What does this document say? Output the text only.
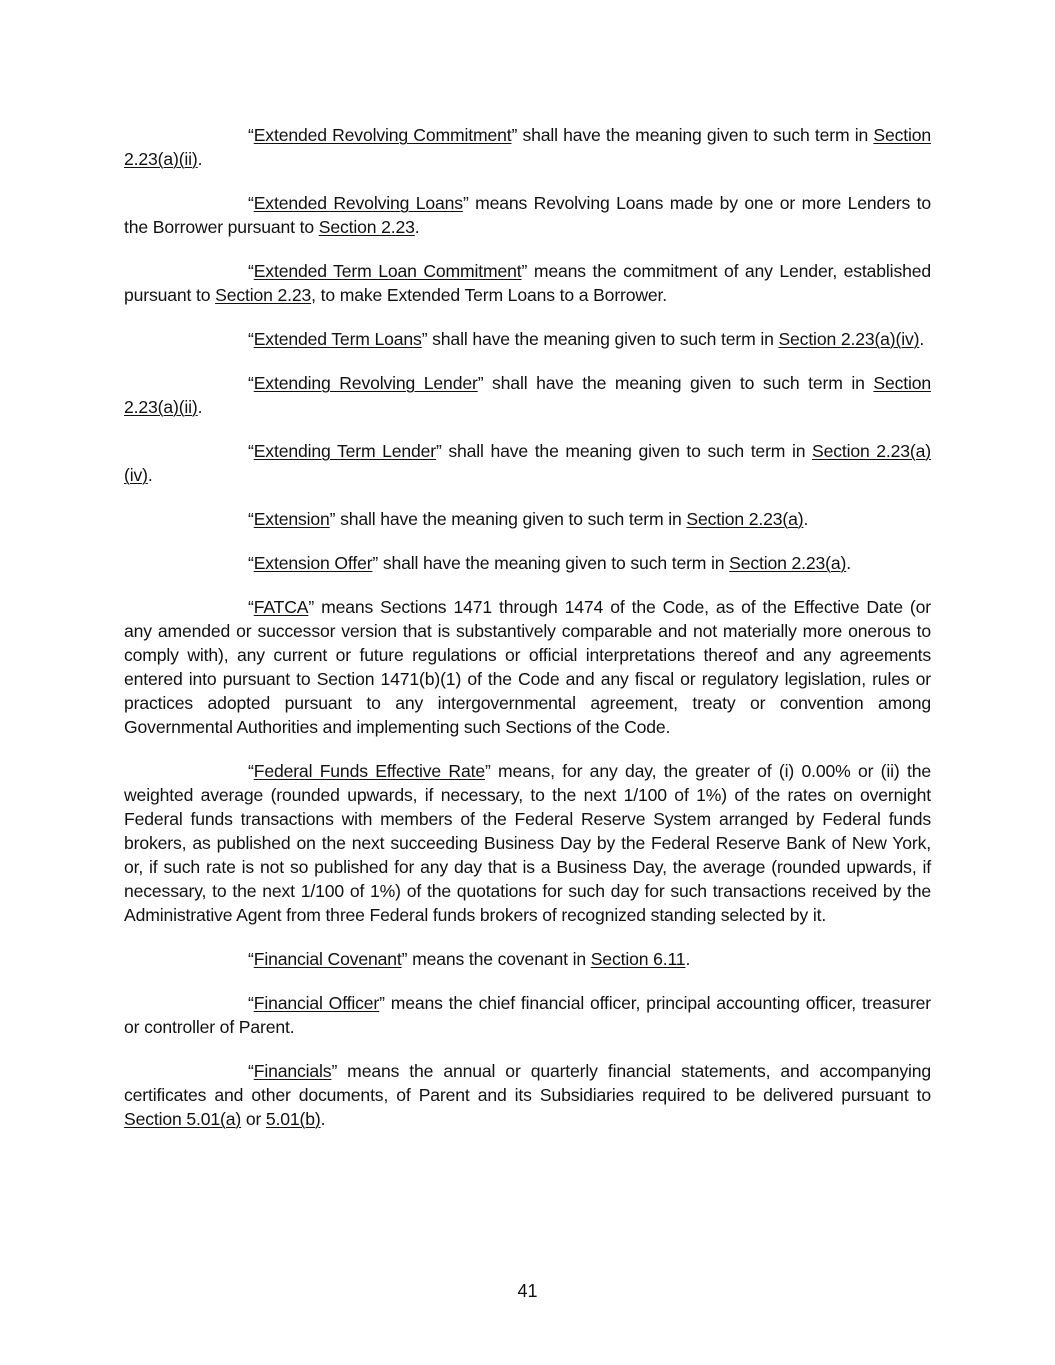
“Extended Revolving Commitment” shall have the meaning given to such term in Section 2.23(a)(ii).

“Extended Revolving Loans” means Revolving Loans made by one or more Lenders to the Borrower pursuant to Section 2.23.

“Extended Term Loan Commitment” means the commitment of any Lender, established pursuant to Section 2.23, to make Extended Term Loans to a Borrower.

“Extended Term Loans” shall have the meaning given to such term in Section 2.23(a)(iv).

“Extending Revolving Lender” shall have the meaning given to such term in Section 2.23(a)(ii).

“Extending Term Lender” shall have the meaning given to such term in Section 2.23(a)(iv).

“Extension” shall have the meaning given to such term in Section 2.23(a).

“Extension Offer” shall have the meaning given to such term in Section 2.23(a).

“FATCA” means Sections 1471 through 1474 of the Code, as of the Effective Date (or any amended or successor version that is substantively comparable and not materially more onerous to comply with), any current or future regulations or official interpretations thereof and any agreements entered into pursuant to Section 1471(b)(1) of the Code and any fiscal or regulatory legislation, rules or practices adopted pursuant to any intergovernmental agreement, treaty or convention among Governmental Authorities and implementing such Sections of the Code.

“Federal Funds Effective Rate” means, for any day, the greater of (i) 0.00% or (ii) the weighted average (rounded upwards, if necessary, to the next 1/100 of 1%) of the rates on overnight Federal funds transactions with members of the Federal Reserve System arranged by Federal funds brokers, as published on the next succeeding Business Day by the Federal Reserve Bank of New York, or, if such rate is not so published for any day that is a Business Day, the average (rounded upwards, if necessary, to the next 1/100 of 1%) of the quotations for such day for such transactions received by the Administrative Agent from three Federal funds brokers of recognized standing selected by it.

“Financial Covenant” means the covenant in Section 6.11.

“Financial Officer” means the chief financial officer, principal accounting officer, treasurer or controller of Parent.

“Financials” means the annual or quarterly financial statements, and accompanying certificates and other documents, of Parent and its Subsidiaries required to be delivered pursuant to Section 5.01(a) or 5.01(b).

41
